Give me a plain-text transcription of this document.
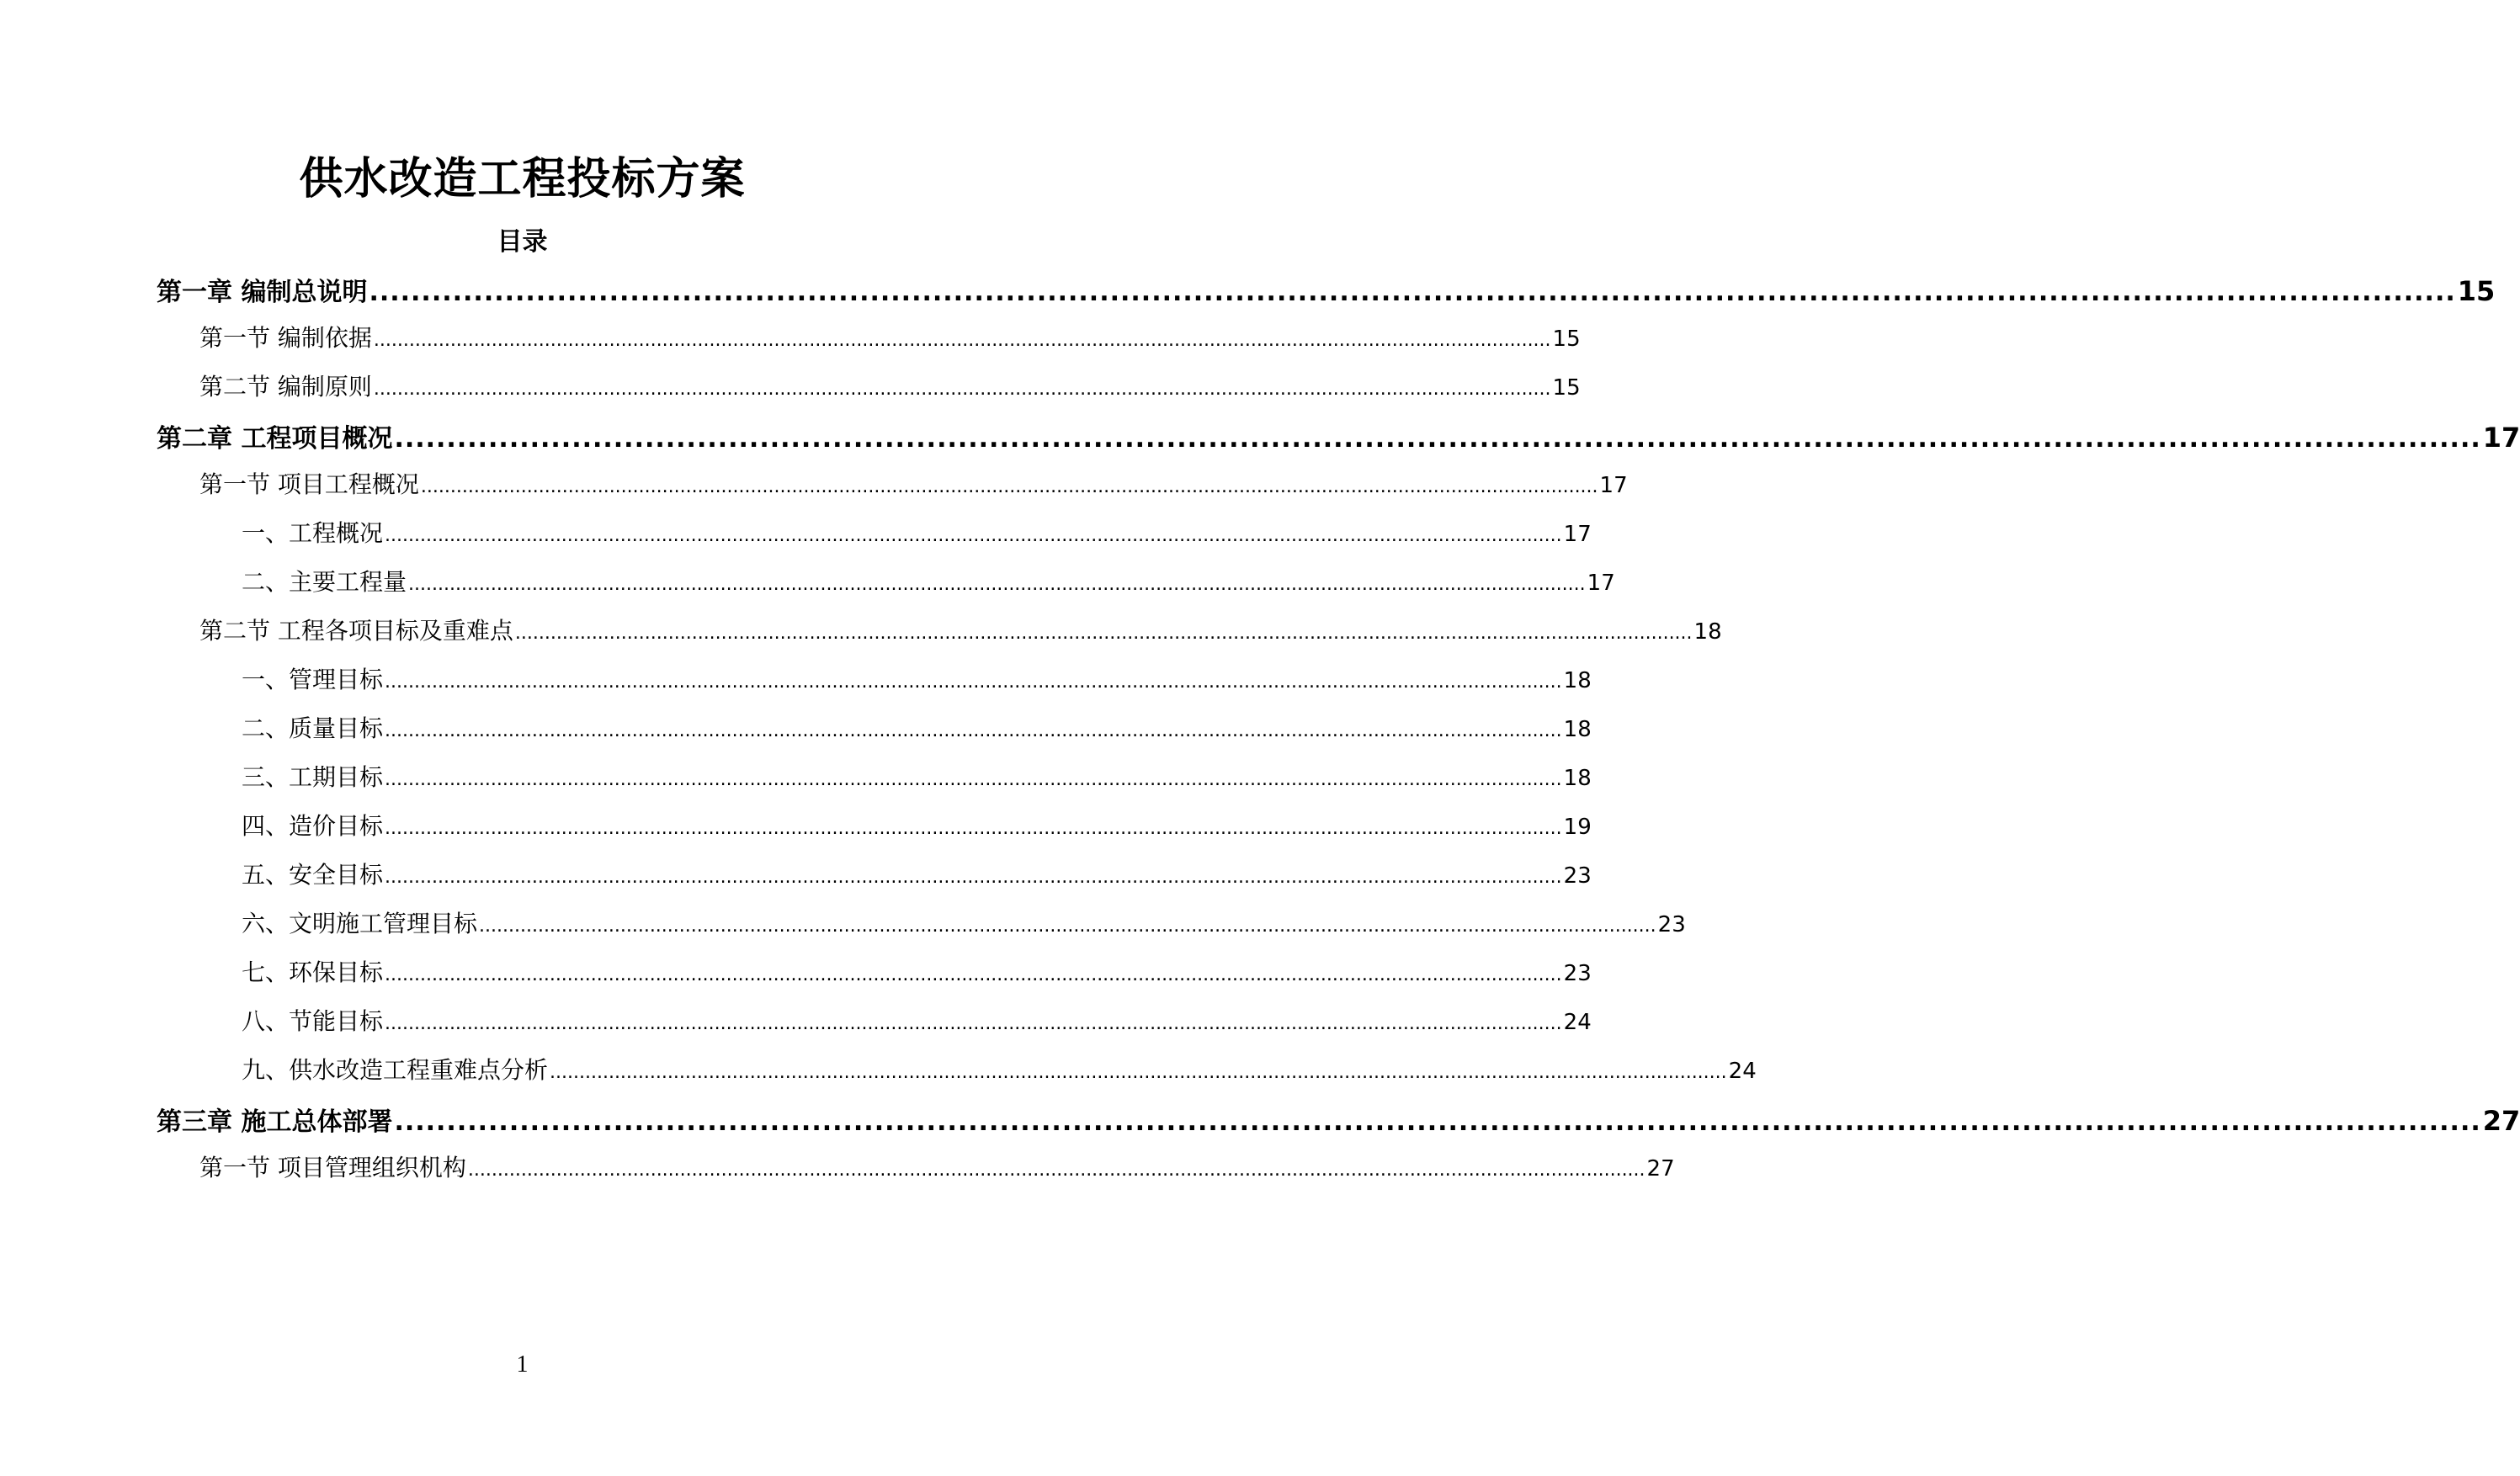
供水改造工程投标方案
目录
第一章 编制总说明 ........................................................................................................................................................................................................ 15
第一节 编制依据 ........................................................................................................................................................................................................ 15
第二节 编制原则 ........................................................................................................................................................................................................ 15
第二章 工程项目概况 ........................................................................................................................................................................................................ 17
第一节 项目工程概况 ........................................................................................................................................................................................................ 17
一、工程概况 ........................................................................................................................................................................................................ 17
二、主要工程量 ........................................................................................................................................................................................................ 17
第二节 工程各项目标及重难点 ........................................................................................................................................................................................................ 18
一、管理目标 ........................................................................................................................................................................................................ 18
二、质量目标 ........................................................................................................................................................................................................ 18
三、工期目标 ........................................................................................................................................................................................................ 18
四、造价目标 ........................................................................................................................................................................................................ 19
五、安全目标 ........................................................................................................................................................................................................ 23
六、文明施工管理目标 ........................................................................................................................................................................................................ 23
七、环保目标 ........................................................................................................................................................................................................ 23
八、节能目标 ........................................................................................................................................................................................................ 24
九、供水改造工程重难点分析 ........................................................................................................................................................................................................ 24
第三章 施工总体部署 ........................................................................................................................................................................................................ 27
第一节 项目管理组织机构 ........................................................................................................................................................................................................ 27
1
